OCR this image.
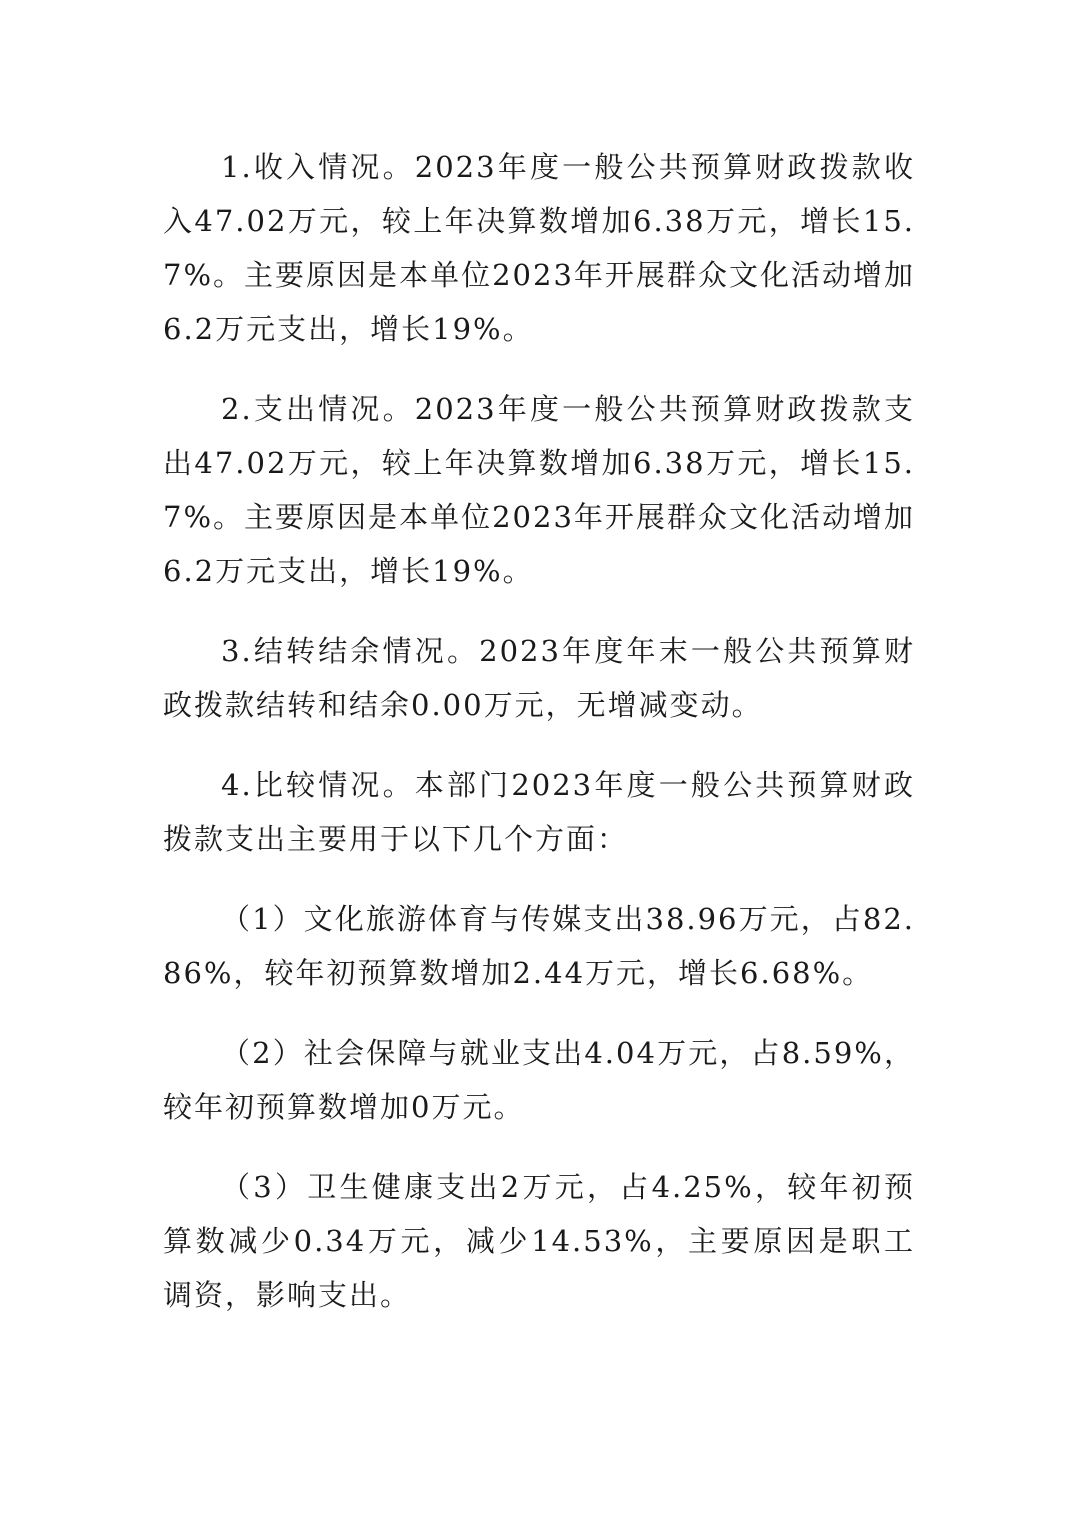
1.收入情况。2023年度一般公共预算财政拨款收入47.02万元，较上年决算数增加6.38万元，增长15.7%。主要原因是本单位2023年开展群众文化活动增加6.2万元支出，增长19%。

2.支出情况。2023年度一般公共预算财政拨款支出47.02万元，较上年决算数增加6.38万元，增长15.7%。主要原因是本单位2023年开展群众文化活动增加6.2万元支出，增长19%。

3.结转结余情况。2023年度年末一般公共预算财政拨款结转和结余0.00万元，无增减变动。

4.比较情况。本部门2023年度一般公共预算财政拨款支出主要用于以下几个方面：

（1）文化旅游体育与传媒支出38.96万元，占82.86%，较年初预算数增加2.44万元，增长6.68%。

（2）社会保障与就业支出4.04万元，占8.59%，较年初预算数增加0万元。

（3）卫生健康支出2万元，占4.25%，较年初预算数减少0.34万元，减少14.53%，主要原因是职工调资，影响支出。
